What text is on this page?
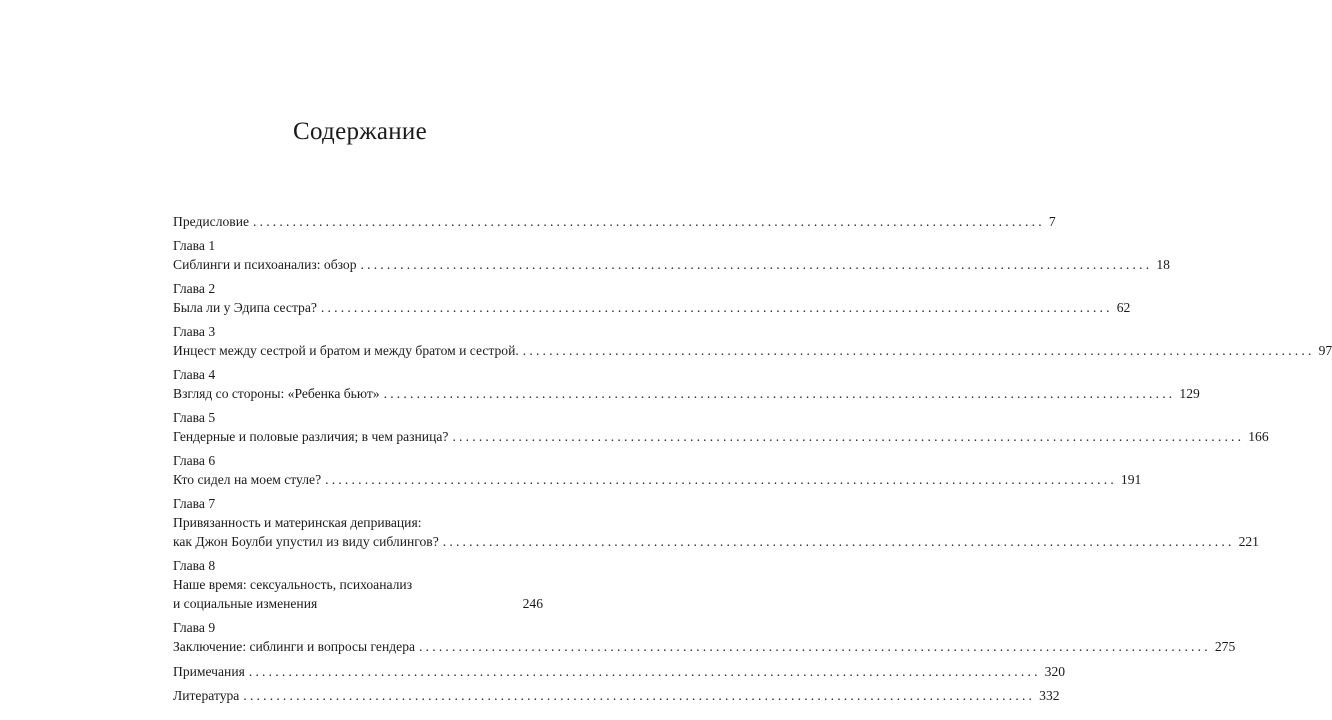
Содержание
Предисловие ........................................................................................................................ 7
Глава 1
Сиблинги и психоанализ: обзор ........................................................................................................................ 18
Глава 2
Была ли у Эдипа сестра? ........................................................................................................................ 62
Глава 3
Инцест между сестрой и братом и между братом и сестрой. ........................................................................................................................ 97
Глава 4
Взгляд со стороны: «Ребенка бьют» ........................................................................................................................ 129
Глава 5
Гендерные и половые различия; в чем разница? ........................................................................................................................ 166
Глава 6
Кто сидел на моем стуле? ........................................................................................................................ 191
Глава 7
Привязанность и материнская депривация:
как Джон Боулби упустил из виду сиблингов? ........................................................................................................................ 221
Глава 8
Наше время: сексуальность, психоанализ
и социальные изменения	246
Глава 9
Заключение: сиблинги и вопросы гендера ........................................................................................................................ 275
Примечания ........................................................................................................................ 320
Литература ........................................................................................................................ 332
